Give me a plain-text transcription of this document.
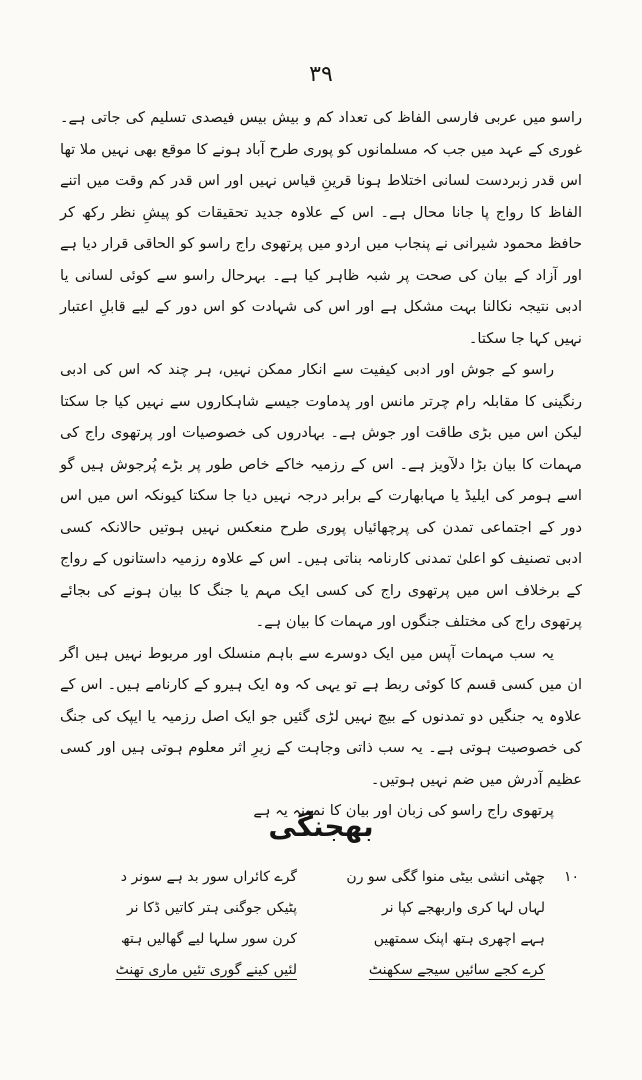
٣٩

راسو میں عربی فارسی الفاظ کی تعداد کم و بیش بیس فیصدی تسلیم کی جاتی ہے۔ غوری کے عہد میں جب کہ مسلمانوں کو پوری طرح آباد ہونے کا موقع بھی نہیں ملا تھا اس قدر زبردست لسانی اختلاط ہونا قرینِ قیاس نہیں اور اس قدر کم وقت میں اتنے الفاظ کا رواج پا جانا محال ہے۔ اس کے علاوہ جدید تحقیقات کو پیشِ نظر رکھ کر حافظ محمود شیرانی نے پنجاب میں اردو میں پرتھوی راج راسو کو الحاقی قرار دیا ہے اور آزاد کے بیان کی صحت پر شبہ ظاہر کیا ہے۔ بہرحال راسو سے کوئی لسانی یا ادبی نتیجہ نکالنا بہت مشکل ہے اور اس کی شہادت کو اس دور کے لیے قابلِ اعتبار نہیں کہا جا سکتا۔

راسو کے جوش اور ادبی کیفیت سے انکار ممکن نہیں، ہر چند کہ اس کی ادبی رنگینی کا مقابلہ رام چرتر مانس اور پدماوت جیسے شاہکاروں سے نہیں کیا جا سکتا لیکن اس میں بڑی طاقت اور جوش ہے۔ بہادروں کی خصوصیات اور پرتھوی راج کی مہمات کا بیان بڑا دلآویز ہے۔ اس کے رزمیہ خاکے خاص طور پر بڑے پُرجوش ہیں گو اسے ہومر کی ایلیڈ یا مہابھارت کے برابر درجہ نہیں دیا جا سکتا کیونکہ اس میں اس دور کے اجتماعی تمدن کی پرچھائیاں پوری طرح منعکس نہیں ہوتیں حالانکہ کسی ادبی تصنیف کو اعلیٰ تمدنی کارنامہ بناتی ہیں۔ اس کے علاوہ رزمیہ داستانوں کے رواج کے برخلاف اس میں پرتھوی راج کی کسی ایک مہم یا جنگ کا بیان ہونے کی بجائے پرتھوی راج کی مختلف جنگوں اور مہمات کا بیان ہے۔

یہ سب مہمات آپس میں ایک دوسرے سے باہم منسلک اور مربوط نہیں ہیں اگر ان میں کسی قسم کا کوئی ربط ہے تو یہی کہ وہ ایک ہیرو کے کارنامے ہیں۔ اس کے علاوہ یہ جنگیں دو تمدنوں کے بیچ نہیں لڑی گئیں جو ایک اصل رزمیہ یا ایپک کی جنگ کی خصوصیت ہوتی ہے۔ یہ سب ذاتی وجاہت کے زیرِ اثر معلوم ہوتی ہیں اور کسی عظیم آدرش میں ضم نہیں ہوتیں۔

پرتھوی راج راسو کی زبان اور بیان کا نمونہ یہ ہے

بھجنگی
١٠
چھٹی انشی بیٹی منوا گگی سو رن
لہاں لہا کری واربھجے کپا نر
ہہے اچھری ہتھ اپنک سمتھیں
کرے کجے سائیں سیجے سکھنٹ
گرے کائراں سور بد ہے سونر د
پٹیکں جوگنی ہتر کاتیں ڈکا نر
کرن سور سلہا لیے گھالیں ہتھ
لئیں کینے گوری تئیں ماری تھنٹ
